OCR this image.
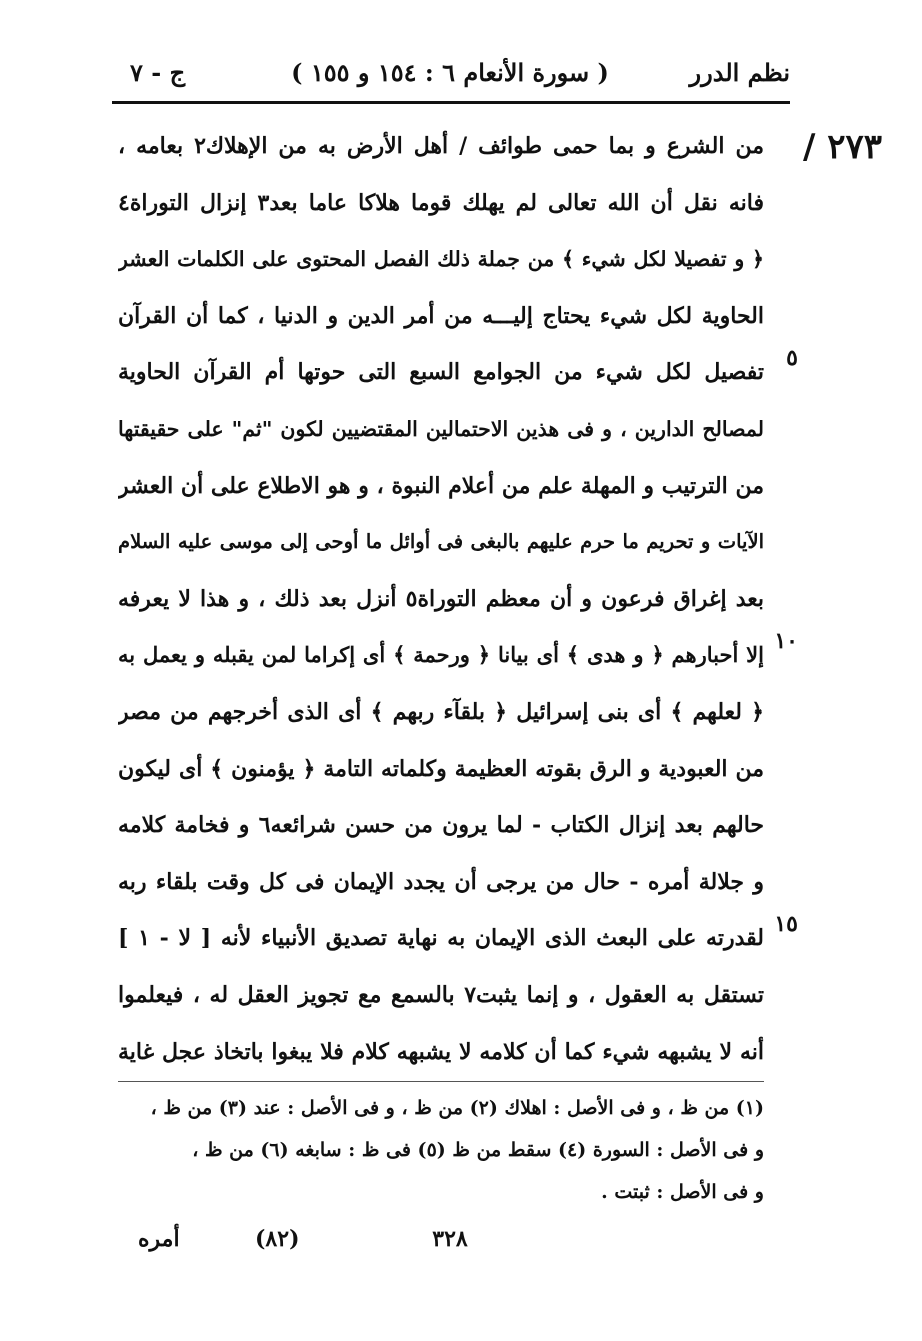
نظم الدرر
( سورة الأنعام ٦ : ١٥٤ و ١٥٥ )
ج - ٧
٢٧٣ /
٥
١٠
١٥
من الشرع و بما حمى طوائف / أهل الأرض به من الإهلاك٢ بعامه ،
فانه نقل أن الله تعالى لم يهلك قوما هلاكا عاما بعد٣ إنزال التوراة٤
﴿ و تفصيلا لكل شيء ﴾ من جملة ذلك الفصل المحتوى على الكلمات العشر
الحاوية لكل شيء يحتاج إليـــه من أمر الدين و الدنيا ، كما أن القرآن
تفصيل لكل شيء من الجوامع السبع التى حوتها أم القرآن الحاوية
لمصالح الدارين ، و فى هذين الاحتمالين المقتضيين لكون "ثم" على حقيقتها
من الترتيب و المهلة علم من أعلام النبوة ، و هو الاطلاع على أن العشر
الآيات و تحريم ما حرم عليهم بالبغى فى أوائل ما أوحى إلى موسى عليه السلام
بعد إغراق فرعون و أن معظم التوراة٥ أنزل بعد ذلك ، و هذا لا يعرفه
إلا أحبارهم ﴿ و هدى ﴾ أى بيانا ﴿ ورحمة ﴾ أى إكراما لمن يقبله و يعمل به
﴿ لعلهم ﴾ أى بنى إسرائيل ﴿ بلقآء ربهم ﴾ أى الذى أخرجهم من مصر
من العبودية و الرق بقوته العظيمة وكلماته التامة ﴿ يؤمنون ﴾ أى ليكون
حالهم بعد إنزال الكتاب - لما يرون من حسن شرائعه٦ و فخامة كلامه
و جلالة أمره - حال من يرجى أن يجدد الإيمان فى كل وقت بلقاء ربه
لقدرته على البعث الذى الإيمان به نهاية تصديق الأنبياء لأنه [ لا - ١ ]
تستقل به العقول ، و إنما يثبت٧ بالسمع مع تجويز العقل له ، فيعلموا
أنه لا يشبهه شيء كما أن كلامه لا يشبهه كلام فلا يبغوا باتخاذ عجل غاية
(١) من ظ ، و فى الأصل : اهلاك (٢) من ظ ، و فى الأصل : عند (٣) من ظ ،
و فى الأصل : السورة (٤) سقط من ظ (٥) فى ظ : سابغه (٦) من ظ ،
و فى الأصل : ثبتت .
٣٢٨
(٨٢)
أمره
